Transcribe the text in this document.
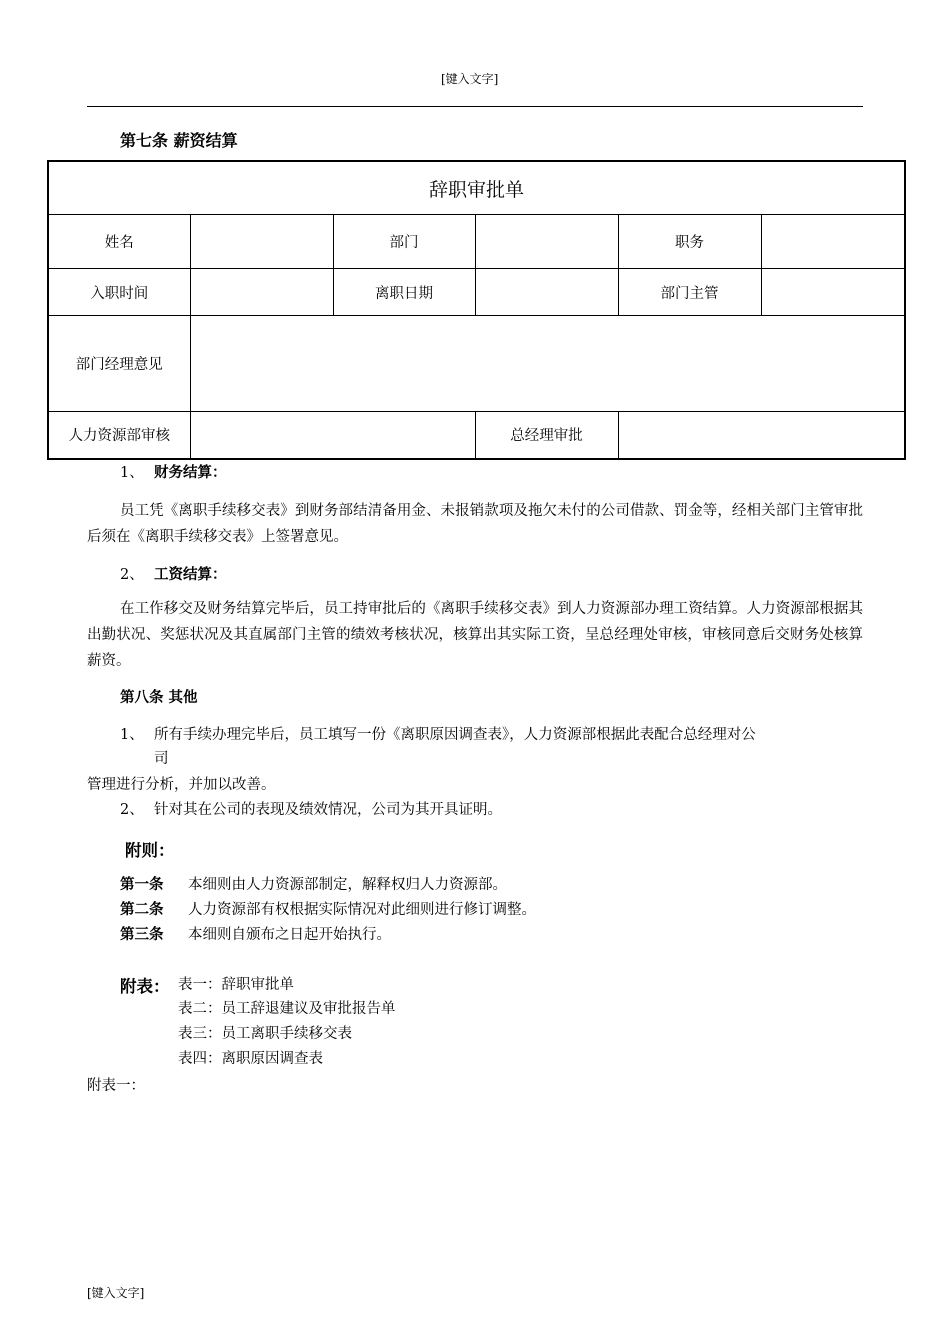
[键入文字]
第七条 薪资结算
辞职审批单					
姓名		部门		职务	
入职时间		离职日期		部门主管	
部门经理意见					
人力资源部审核			总经理审批		
1、 财务结算：
员工凭《离职手续移交表》到财务部结清备用金、未报销款项及拖欠未付的公司借款、罚金等，经相关部门主管审批后须在《离职手续移交表》上签署意见。
2、 工资结算：
在工作移交及财务结算完毕后，员工持审批后的《离职手续移交表》到人力资源部办理工资结算。人力资源部根据其出勤状况、奖惩状况及其直属部门主管的绩效考核状况，核算出其实际工资，呈总经理处审核，审核同意后交财务处核算薪资。
第八条 其他
1、 所有手续办理完毕后，员工填写一份《离职原因调查表》，人力资源部根据此表配合总经理对公
司
管理进行分析，并加以改善。
2、 针对其在公司的表现及绩效情况，公司为其开具证明。
附则：
第一条 本细则由人力资源部制定，解释权归人力资源部。
第二条 人力资源部有权根据实际情况对此细则进行修订调整。
第三条 本细则自颁布之日起开始执行。
附表： 表一：辞职审批单
表二：员工辞退建议及审批报告单
表三：员工离职手续移交表
表四：离职原因调查表
附表一：
[键入文字]
